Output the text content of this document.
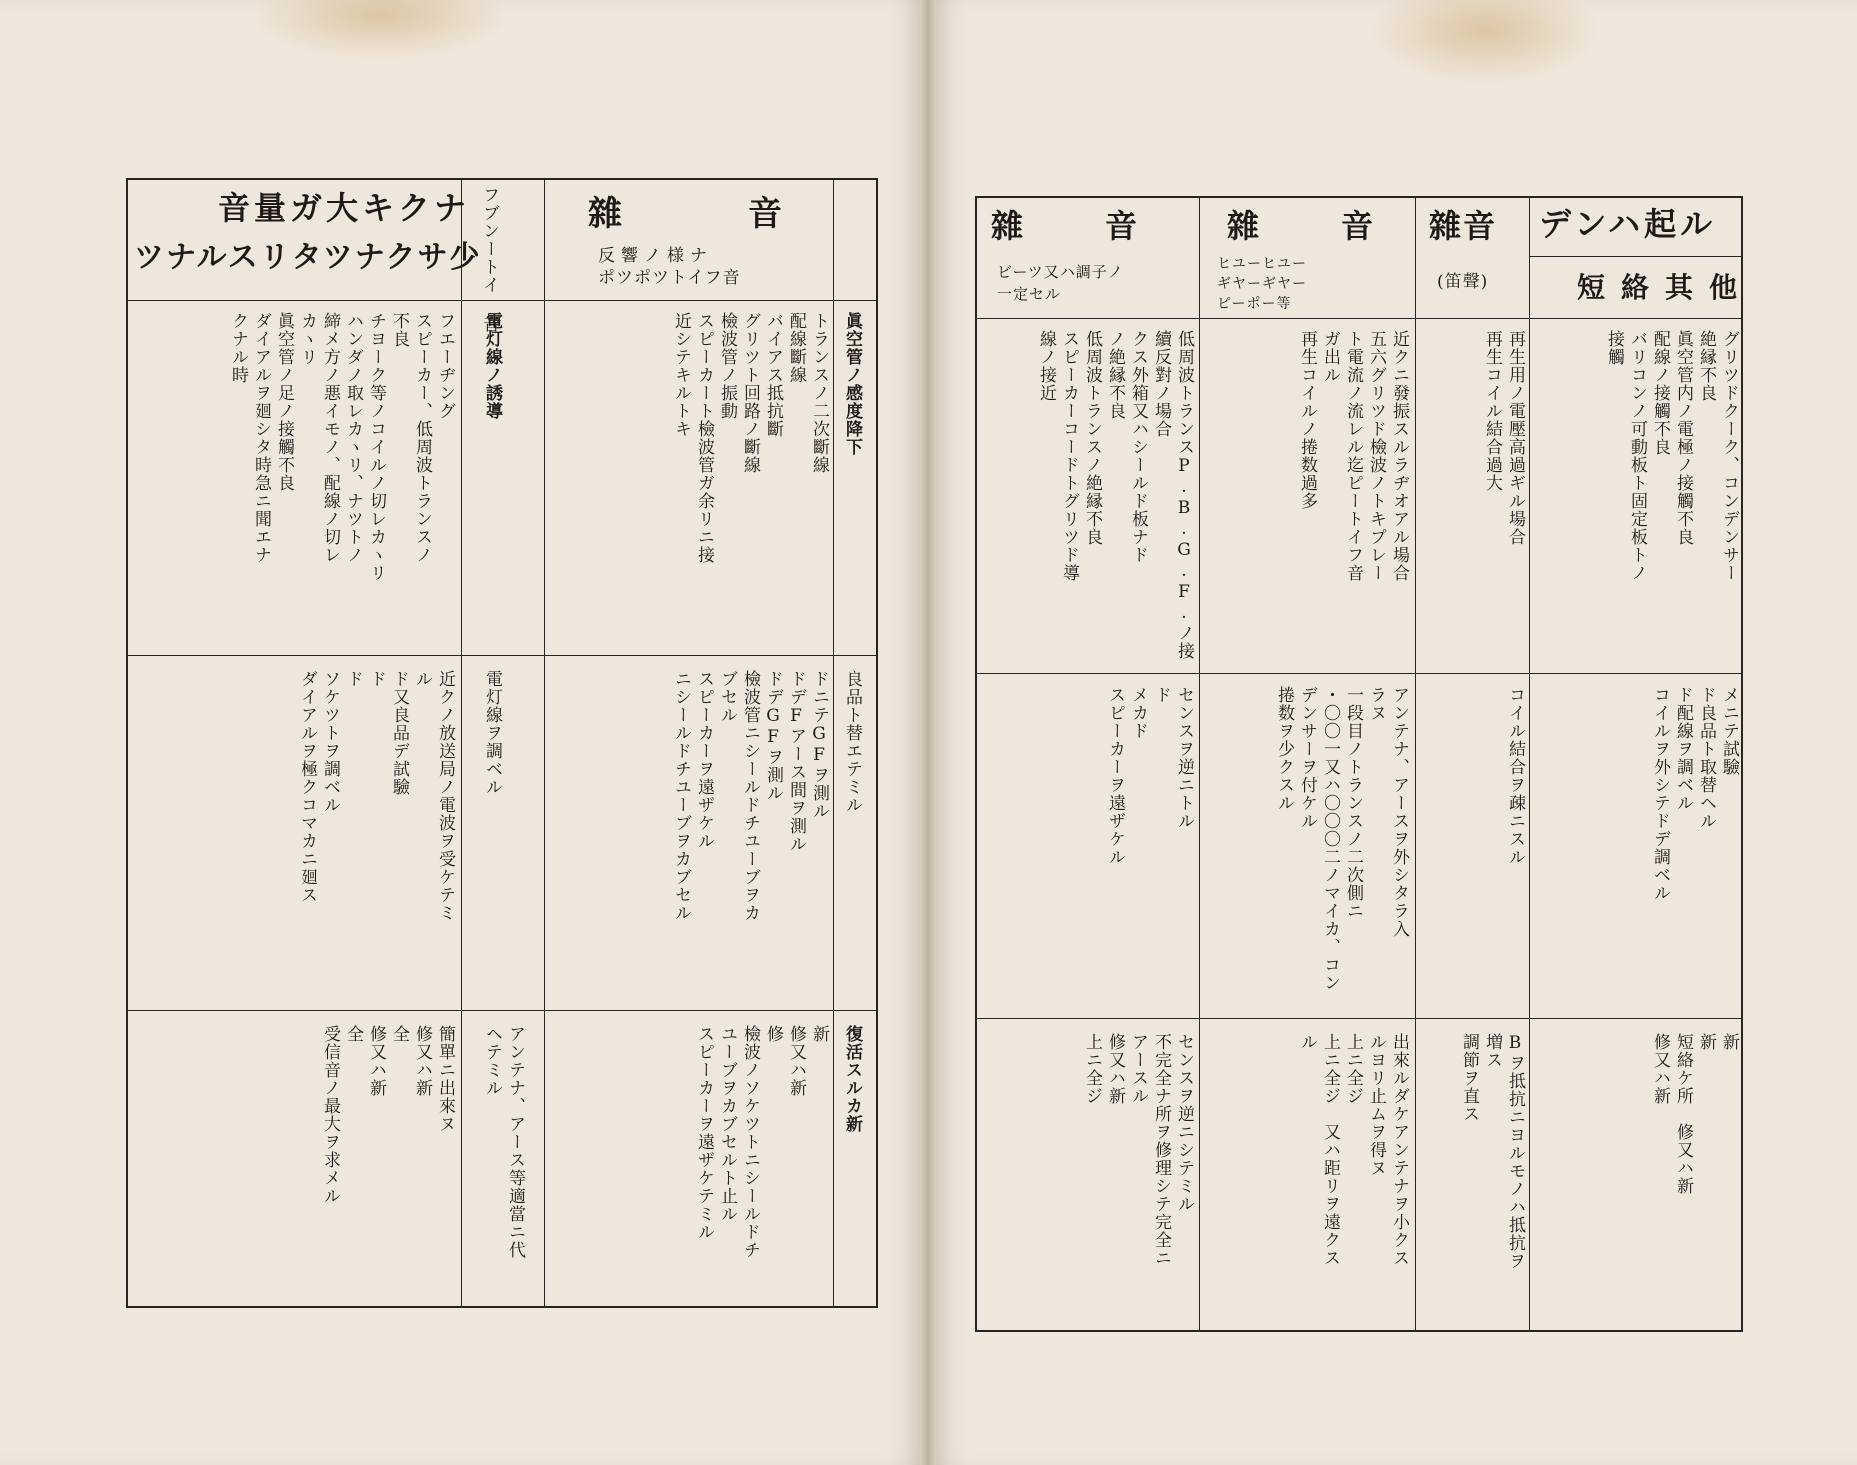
音量ガ大キクナ
ツナルスリタツナクサ少
フブンートイ 音	雜　　　音
反響ノ様ナ
ポツポツトイフ音
眞空管ノ感度降下
トランスノ二次斷線
配線斷線
バイアス抵抗斷
グリツト回路ノ斷線
檢波管ノ振動
スピーカート檢波管ガ余リニ接
近シテキルトキ
電灯線ノ誘導
フエーヂング
スピーカー、低周波トランスノ
不良
チヨーク等ノコイルノ切レカヽリ
ハンダノ取レカヽリ、ナツトノ
締メ方ノ悪イモノ、配線ノ切レ
カヽリ
眞空管ノ足ノ接觸不良
ダイアルヲ廻シタ時急ニ聞エナ
クナル時
良品ト替エテミル
ドニテGFヲ測ル
ドデFアース間ヲ測ル
ドデGFヲ測ル
檢波管ニシールドチユーブヲカ
ブセル
スピーカーヲ遠ザケル
ニシールドチユーブヲカブセル
電灯線ヲ調ベル
近クノ放送局ノ電波ヲ受ケテミ
ル
ド又良品デ試驗
ド
ド
ソケツトヲ調ベル
ダイアルヲ極クコマカニ廻ス
復活スルカ新
新
修又ハ新
修
檢波ノソケツトニシールドチ
ユーブヲカブセルト止ル
スピーカーヲ遠ザケテミル
アンテナ、アース等適當ニ代
ヘテミル
簡單ニ出來ヌ
修又ハ新
全
修又ハ新
全
受信音ノ最大ヲ求メル
デンハ起ル
短絡其他
雜音
(笛聲)
雜　　音
ヒユーヒユー
ギヤーギヤー
ピーポー等
雜　　音
ビーツ又ハ調子ノ
一定セル
グリツドクーク、コンデンサー
絶縁不良
眞空管内ノ電極ノ接觸不良
配線ノ接觸不良
バリコンノ可動板ト固定板トノ
接觸
再生用ノ電壓高過ギル場合
再生コイル結合過大
近クニ發振スルラヂオアル場合
五六グリツド檢波ノトキプレー
ト電流ノ流レル迄ピートイフ音
ガ出ル
再生コイルノ捲数過多
低周波トランスP.B.G.F.ノ接
續反對ノ場合
クス外箱又ハシールド板ナド
ノ絶縁不良
低周波トランスノ絶縁不良
スピーカーコードトグリツド導
線ノ接近
メニテ試驗
ド良品ト取替ヘル
ド配線ヲ調ベル
コイルヲ外シテドデ調ベル
コイル結合ヲ疎ニスル
アンテナ、アースヲ外シタラ入
ラヌ
一段目ノトランスノ二次側ニ
・〇〇一又ハ〇〇〇二ノマイカ、コン
デンサーヲ付ケル
捲数ヲ少クスル
センスヲ逆ニトル
ド
メカド
スピーカーヲ遠ザケル
新
新
短絡ケ所　修又ハ新
修又ハ新
Bヲ抵抗ニヨルモノハ抵抗ヲ
増ス
調節ヲ直ス
出來ルダケアンテナヲ小クス
ルヨリ止ムヲ得ヌ
上ニ全ジ
上ニ全ジ　又ハ距リヲ遠クス
ル
センスヲ逆ニシテミル
不完全ナ所ヲ修理シテ完全ニ
アースル
修又ハ新
上ニ全ジ
